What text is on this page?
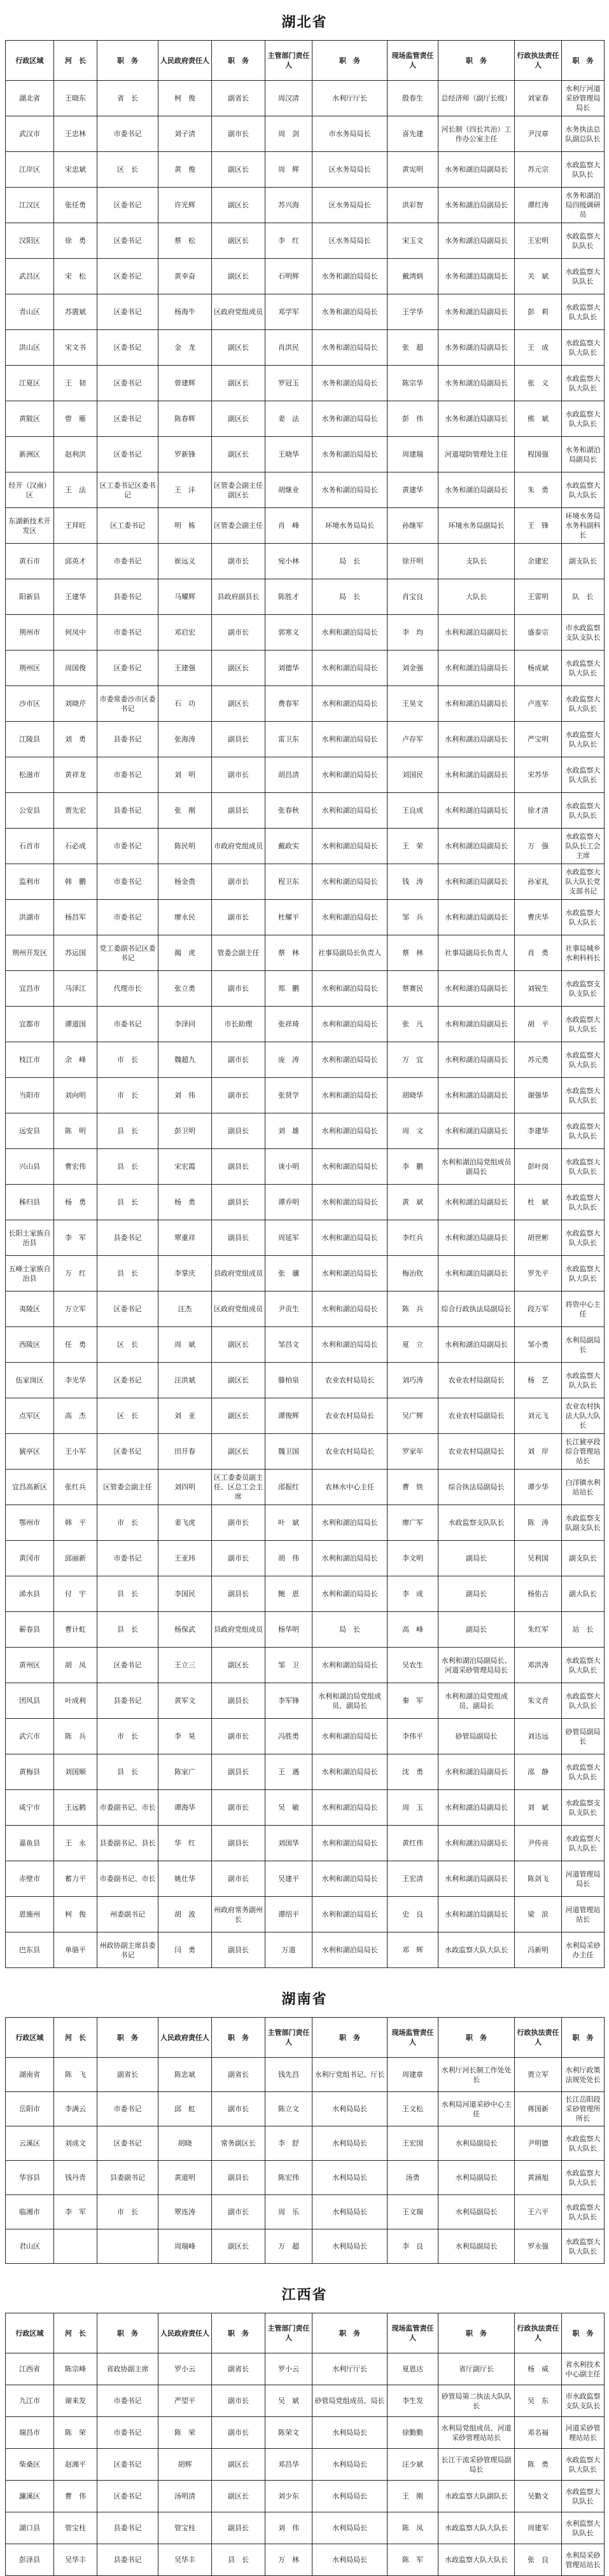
湖北省
行政区域	河　长	职　务	人民政府责任人	职　务	主管部门责任人	职　务	现场监管责任人	职　务	行政执法责任人	职　务
湖北省	王晓东	省　长	柯　俊	副省长	周汉清	水利厅厅长	殷春生	总经济师（副厅长级）	刘家春	水利厅河道采砂管理局局长
武汉市	王忠林	市委书记	刘子清	副市长	周　剑	市水务局局长	喜先建	河长制（四长共治）工作办公室主任	尹汉章	水务执法总队副总队长
江岸区	宋忠斌	区　长	黄　俊	副区长	周　辉	区水务局局长	黄宪明	水务和湖泊局副局长	苏元宗	水政监察大队队长
江汉区	张任勇	区委书记	许光辉	副区长	苏兴海	区水务局局长	洪彩智	水务和湖泊局副局长	谭红涛	水务和湖泊局四级调研员
汉阳区	徐　勇	区委书记	蔡　松	副区长	李　红	区水务局局长	宋玉文	水务和湖泊局副局长	王宏明	水政监察大队队长
武昌区	宋　松	区委书记	黄幸奋	副区长	石明辉	水务和湖泊局局长	戴鸿炳	水务和湖泊局副局长	关　斌	水政监察大队队长
青山区	苏震斌	区委书记	杨海牛	区政府党组成员	邓学军	水务和湖泊局局长	王学华	水务和湖泊局副局长	彭　莉	水政监察大队大队长
洪山区	宋文书	区委书记	金　龙	副区长	肖洪民	水务和湖泊局局长	张　超	水务和湖泊局副局长	王　成	水政监察大队大队长
江夏区	王　韧	区委书记	曾建辉	副区长	罗冠玉	水务和湖泊局局长	陈宗华	水务和湖泊局副局长	张　义	水政监察大队大队长
黄陂区	曾　雁	区委书记	陈春辉	副区长	姜　法	水务和湖泊局局长	彭　伟	水务和湖泊局副局长	熊　斌	水政监察大队大队长
新洲区	赵利洪	区委书记	罗新锋	副区长	王晓华	水务和湖泊局局长	周建瑞	河道堤防管理处主任	程国强	水务和湖泊局副局长
经开（汉南）区	王　法	区工委书记区委书记	王　沣	区管委会副主任副区长	胡继业	水务和湖泊局局长	黄建华	水务和湖泊局副局长	朱　勇	水政监察大队大队长
东湖新技术开发区	王拜旺	区工委书记	明　栋	区管委会副主任	肖　峰	环境水务局局长	孙继军	环境水务局副局长	王　锋	环境水务局水务科副科长
黄石市	邱英才	市委书记	崔远义	副市长	宛小林	局　长	徐开明	支队长	余建宏	副支队长
阳新县	王建华	县委书记	马耀辉	县政府副县长	陈胜才	局　长	肖宝良	大队长	王雷明	队　长
荆州市	何凤中	市委书记	邓启宏	副市长	郭寒义	水利和湖泊局局长	李　均	水利和湖泊局副局长	盛泰宗	市水政监察支队支队长
荆州区	周国俊	区委书记	王建强	副区长	刘德华	水利和湖泊局局长	刘金强	水利和湖泊局副局长	杨成斌	水政监察大队大队长
沙市区	刘晓芹	市委常委沙市区委书记	石　功	副区长	费春军	水利和湖泊局局长	王昊文	水利和湖泊局副局长	卢连军	水政监察大队大队长
江陵县	刘　勇	县委书记	张海涛	副县长	雷卫东	水利和湖泊局局长	卢存军	水利和湖泊局副局长	严宝明	水政监察大队大队长
松滋市	黄祥龙	市委书记	刘　明	副市长	胡昌清	水利和湖泊局局长	刘国民	水利和湖泊局副局长	宋苏华	水政监察大队大队长
公安县	贾先宏	县委书记	张　刚	副县长	张春秋	水利和湖泊局局长	王良成	水利和湖泊局副局长	徐才清	水政监察大队大队长
石首市	石必成	市委书记	陈民明	市政府党组成员	戴政实	水利和湖泊局局长	王　荣	水利和湖泊局副局长	万　强	水政监察大队队长工会主席
监利市	韩　鹏	市委书记	杨金贵	副市长	程卫东	水利和湖泊局局长	钱　涛	水利和湖泊局副局长	孙家礼	水政监察大队大队长党支部书记
洪湖市	杨昌军	市委书记	廖永民	副市长	杜耀平	水利和湖泊局局长	邹　兵	水利和湖泊局副局长	曹庆华	水政监察大队大队长
荆州开发区	苏运国	党工委副书记区委书记	揭　虎	管委会副主任	蔡　林	社事局副局长负责人	蔡　林	社事局副局长负责人	肖　勇	社事局城乡水利科科长
宜昌市	马泽江	代理市长	张立勇	副市长	郑　鹏	水利和湖泊局局长	蔡赛民	水利和湖泊局副局长	刘锐生	水政监察支队支队长
宜都市	谭道国	市委书记	李泽同	市长助理	张祥琦	水利和湖泊局局长	张　凡	水利和湖泊局副局长	胡　平	水政监察大队大队长
枝江市	余　峰	市　长	魏超九	副市长	庞　涛	水利和湖泊局局长	万　宜	水利和湖泊局副局长	苏元勇	水政监察大队大队长
当阳市	刘向明	市　长	刘　伟	副市长	张贤学	水利和湖泊局局长	胡晓华	水利和湖泊局副局长	谢强华	水政监察大队大队长
远安县	陈　明	县　长	彭卫明	副县长	刘　雄	水利和湖泊局局长	周　文	水利和湖泊局副局长	李建华	水政监察大队大队长
兴山县	曹宏伟	县　长	宋宏霞	副县长	谈小明	水利和湖泊局局长	李　鹏	水利和湖泊局党组成员副局长	彭叶岗	水政监察大队大队长
秭归县	杨　勇	县　长	杨　勇	副县长	谭乔明	水利和湖泊局局长	黄　斌	水利和湖泊局副局长	杜　斌	水政监察大队大队长
长阳土家族自治县	李　军	县委书记	覃重祥	副县长	周延军	水利和湖泊局局长	李红兵	水利和湖泊局副局长	胡世彬	水政监察大队大队长
五峰土家族自治县	万　红	县　长	李掌庆	县政府党组成员	张　骥	水利和湖泊局局长	梅治钦	水利和湖泊局副局长	罗先平	水政监察大队大队长
夷陵区	万立军	区委书记	汪杰	区政府党组成员	尹贡生	水利和湖泊局局长	陈　兵	综合行政执法局副局长	段万军	将资中心主任
西陵区	任　勇	区　长	周　斌	副区长	邹昌文	水利和湖泊局局长	夏　立	水利和湖泊局副局长	邹小勇	水利局副局长
伍家岗区	李光华	区委书记	汪洪斌	副区长	滕柏泉	农业农村局局长	刘巧涛	农业农村局副局长	杨　艺	水政监察大队大队长
点军区	高　杰	区　长	刘　亚	副区长	谭俊辉	农业农村局局长	吴广辉	农业农村局副局长	刘元飞	农业农村执法大队大队长
猇亭区	王小军	区委书记	田开春	副区长	魏卫国	农业农村局局长	罗家年	农业农村局副局长	刘　岸	长江猇亭段综合管理站站长
宜昌高新区	张红兵	区管委会副主任	刘四明	区工委委员副主任、区总工会主席	邵振红	农林水中心主任	曹　铁	综合执法局副局长	谭少华	白洋镇水利站站长
鄂州市	韩　平	市　长	姜飞虎	副市长	叶　斌	水利和湖泊局局长	廖广军	水政监察支队队长	陈　涛	水政监察支队副支队长
黄冈市	邱丽新	市委书记	王亚玮	副市长	胡　伟	水利和湖泊局局长	李文明	副局长	吴利国	副支队长
浠水县	付　宇	县　长	李国民	副县长	鲍　恩	水利和湖泊局局长	李　成	副局长	杨佑吉	副大队长
蕲春县	曹计虹	县　长	杨保武	县政府党组成员	杨华明	局　长	高　峰	副局长	朱红军	站　长
黄州区	胡　凤	区委书记	王立三	副区长	邹　卫	水利和湖泊局局长	吴农生	水利和湖泊局副局长、河道采砂管理局局长	邓洪涛	水政监察大队大队长
团风县	叶成利	县委书记	黄军文	副县长	李军锋	水利和湖泊局党组成员、副局长	秦　军	水利和湖泊局党组成员、副局长	朱文青	水政监察大队大队长
武穴市	陈　兵	市　长	李　昊	副市长	冯胜勇	水利和湖泊局局长	李伟平	砂管局副局长	刘达远	砂管局副局长
黄梅县	刘国顺	县　长	陈家广	副县长	王　遇	水利和湖泊局局长	沈　勇	水利和湖泊局副局长	邵　静	水政监察大队大队长
咸宁市	王远鹤	市委副书记、市长	谭海华	副市长	吴　敏	水利和湖泊局局长	周　玉	水利和湖泊局副局长	刘　斌	水政监察支队支队长
嘉鱼县	王　永	县委副书记、县长	华　红	副县长	刘国华	水利和湖泊局局长	黄红伟	水利和湖泊局副局长	尹传亮	水政监察大队大队长
赤壁市	蓄力平	市委副书记、市长	姚仕华	副市长	吴建平	水利和湖泊局局长	王宏清	水利和湖泊局副局长	陈剑飞	河道管理局局长
恩施州	柯　俊	州委副书记	胡　波	州政府常务副州长	谭绍平	水利和湖泊局局长	史　良	水利和湖泊局副局长	梁　滨	河道管理站站长
巴东县	单骆平	州政协副主席县委书记	闫　勇	副县长	万道	水利和湖泊局局长	邓　辉	水政监察大队大队长	冯新明	水利局采砂办主任
湖南省
行政区域	河　长	职　务	人民政府责任人	职　务	主管部门责任人	职　务	现场监管责任人	职　务	行政执法责任人	职　务
湖南省	陈　飞	副省长	陈忠斌	副省长	钱先昌	水利厅党组书记、厅长	周建章	水利厅河长制工作处处长	贾立军	水利厅政策法规处处长
岳阳市	李满云	市委书记	邱　虹	副市长	陈立文	水利局局长	王文松	水利局河道采砂中心主任	蒋国新	长江岳阳段采砂管理所所长
云溪区	刘成文	区委书记	胡晓	常务副区长	李　舒	水利局局长	王宏国	水利局副局长	尹明德	水政监察大队大队长
华容县	钱丹青	县委副书记	黄道明	副县长	陈宏伟	水利局局长	汤勇	水利局副局长	黄涵旭	水政监察大队大队长
临湘市	李　军	市　长	覃连涛	副市长	周　乐	水利局局长	王文瑞	水利局副局长	王六平	水政监察大队大队长
君山区			周瑞峰	副区长	万　超	水利局局长	李　良	水利局副局长	罗永强	水政监察大队大队长
江西省
行政区域	河　长	职　务	人民政府责任人	职　务	主管部门责任人	职　务	现场监管责任人	职　务	行政执法责任人	职　务
江西省	陈宗峰	省政协副主席	罗小云	副省长	罗小云	水利厅厅长	夏恩达	省厅副厅长	杨　威	省水利技术中心副主任
九江市	谢来发	市委书记	严望平	副市长	吴　斌	砂管局党组成员、局长	李生发	砂管局第二执法大队队长	吴　东	市水政监察支队支队长
瑞昌市	陈　荣	市委书记	陈　荣	副市长	陈荣文	水利局局长	徐勤勤	水利局党组成员、河道采砂管理站站长	邓名福	河道采砂管理站站长
柴桑区	赵湘平	区委书记	胡辉	副区长	邓昌华	水利局局长	汪少斌	长江干流采砂管理局副局长	陈　勇	水政监察大队大队长
濂溪区	曹　伟	区委书记	汤明清	副区长	刘少东	水利局局长	王　刚	水政监察大队副队长	吴勤文	水政监察大队队长
湖口县	管宝柱	县委书记	管宝柱	副县长	刘　伟	水利局局长	陈　凤	水政监察大队大队长	周建军	水利监察大队队长
彭泽县	吴华丰	县委书记	吴华丰	县　长	万　林	水利局局长	陈　军	水政监察大队大队长	张　良	水利局采砂管理站站长
